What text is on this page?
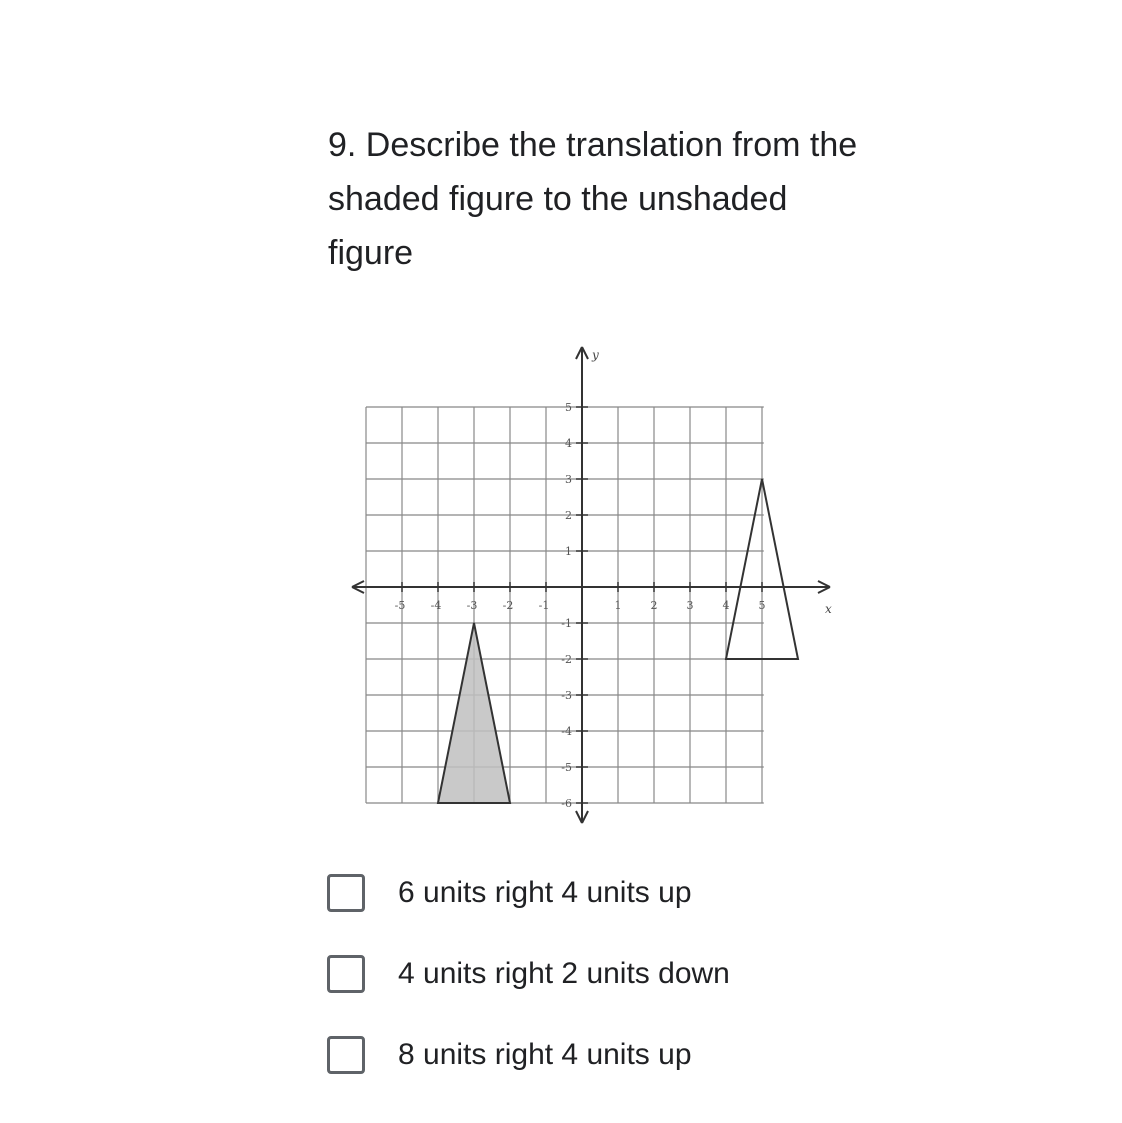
9. Describe the translation from the shaded figure to the unshaded figure
-5 -4 -3 -2 -1	1	2	3	4	5
5
4
3
2
1
-1
-2
-3
-4
-5
-6
x
y
6 units right 4 units up
4 units right 2 units down
8 units right 4 units up
